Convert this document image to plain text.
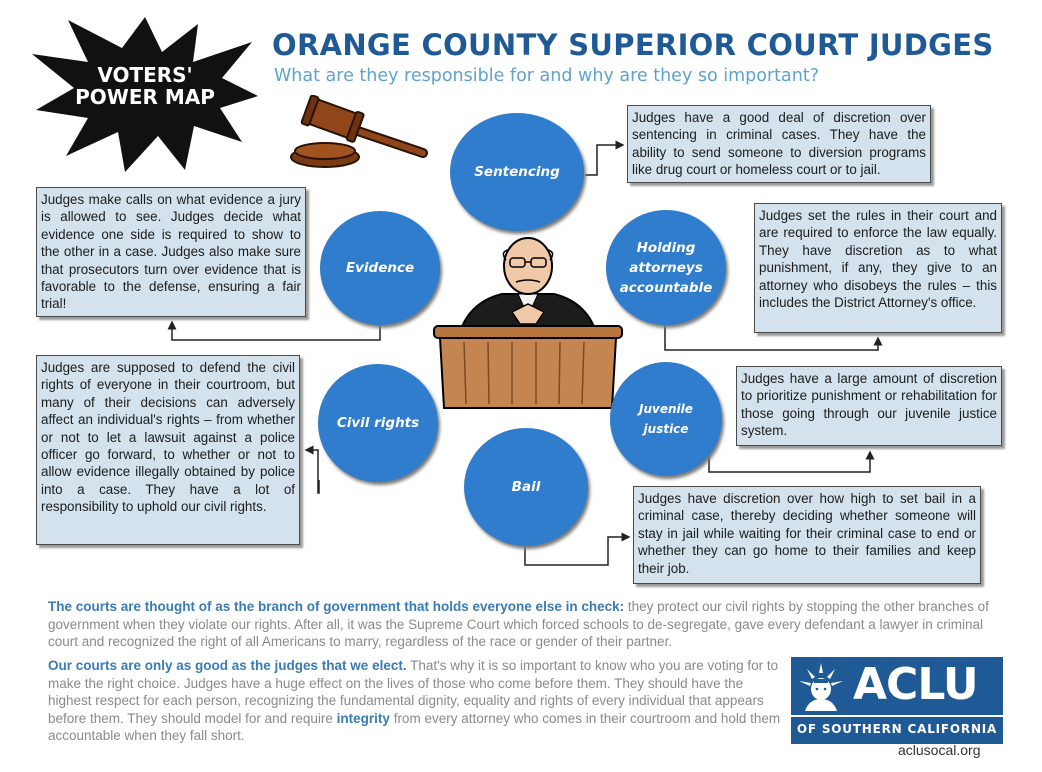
VOTERS'
POWER MAP
ORANGE COUNTY SUPERIOR COURT JUDGES
What are they responsible for and why are they so important?
Sentencing
Evidence
Holding
attorneys
accountable
Civil rights
Juvenile
justice
Bail
Judges have a good deal of discretion over sentencing in criminal cases. They have the ability to send someone to diversion programs like drug court or homeless court or to jail.
Judges make calls on what evidence a jury is allowed to see. Judges decide what evidence one side is required to show to the other in a case. Judges also make sure that prosecutors turn over evidence that is favorable to the defense, ensuring a fair trial!
Judges set the rules in their court and are required to enforce the law equally. They have discretion as to what punishment, if any, they give to an attorney who disobeys the rules – this includes the District Attorney's office.
Judges are supposed to defend the civil rights of everyone in their courtroom, but many of their decisions can adversely affect an individual's rights – from whether or not to let a lawsuit against a police officer go forward, to whether or not to allow evidence illegally obtained by police into a case. They have a lot of responsibility to uphold our civil rights.
Judges have a large amount of discretion to prioritize punishment or rehabilitation for those going through our juvenile justice system.
Judges have discretion over how high to set bail in a criminal case, thereby deciding whether someone will stay in jail while waiting for their criminal case to end or whether they can go home to their families and keep their job.
The courts are thought of as the branch of government that holds everyone else in check: they protect our civil rights by stopping the other branches of government when they violate our rights. After all, it was the Supreme Court which forced schools to de-segregate, gave every defendant a lawyer in criminal court and recognized the right of all Americans to marry, regardless of the race or gender of their partner.
Our courts are only as good as the judges that we elect. That's why it is so important to know who you are voting for to make the right choice. Judges have a huge effect on the lives of those who come before them. They should have the highest respect for each person, recognizing the fundamental dignity, equality and rights of every individual that appears before them. They should model for and require integrity from every attorney who comes in their courtroom and hold them accountable when they fall short.
ACLU
OF SOUTHERN CALIFORNIA
aclusocal.org
